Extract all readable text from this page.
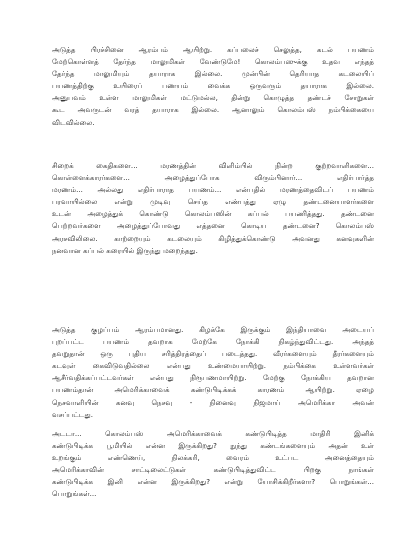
அடுத்த பிரச்சினை ஆரம்பம் ஆயிற்று. கப்பலைச் செலுத்த, கடல் பயணம்
மேற்கொள்ளத் தேர்ந்த மாலுமிகள் வேண்டுமே! கொலம்பஸுக்கு உதவ எந்தத்
தேர்ந்த மாலுமியும் தயாராக இல்லை. முன்பின் தெரியாத கடலையிப்
பயணத்திற்கு உயிரைப் பணயம் வைக்க ஒருவரும் தயாராக இல்லை.
அனுபவம் உள்ள மாலுமிகள் மட்டுமல்ல, தின்று கொழுத்த தண்டச் சோறுகள்
கூட அவருடன் வரத் தயாராக இல்லை. ஆனாலும் கொலம்பஸ் நம்பிக்கையை
விடவில்லை.
சிறைக் கைதிகளை... மரணத்தின் விளிம்பில் நின்ற குற்றவாளிகளை...
கொள்ளைக்காரர்களை... அழைத்துப்போக விரும்பினார்... எதிர்பார்த்த
மரணம்... அல்லது எதிர்பாராத பயணம்... என்பதில் மரணத்தைவிடப் பயணம்
பரவாயில்லை என்று முடிவு செய்த எண்பத்து ஏழு தண்டனையாளர்களை
உடன் அழைத்துக் கொண்டு கொலம்பஸின் கப்பல் பயணித்தது. தண்டனை
பெற்றவர்களை அழைத்துப்போவது எத்தனை கொடிய தண்டனை? கொலம்பஸ்
அரசவிலிலை. காற்றையும் கடலையும் கிழித்துக்கொண்டு அவனது கனவுகளின்
நனவான கப்பல் கரையில் இருந்து மறைந்தது.
அடுத்த குழப்பம் ஆரம்பமானது. கிழக்கே இருக்கும் இந்தியாவை அடையப்
புறப்பட்ட பயணம் தவறாக மேற்கே நோக்கி நிகழ்ந்துவிட்டது. அந்தத்
தவறுதான் ஒரு புதிய சரித்திரத்தைப் படைத்தது. வீரர்களையும் தீரர்களையும்
கடவுள் கைவிடுவதில்லை என்பது உண்மையாயிற்று. நம்பிக்கை உள்ளவர்கள்
ஆசீர்வதிக்கப்பட்டவர்கள் என்பது நிரூபணமாயிற்று. மேற்கு நோக்கிய தவறான
பயணம்தான் அமெரிக்காவைக் கண்டுபிடிக்கக் காரணம் ஆயிற்று. ஏழை
நெசவாளியின் கனவு நெசவு - நினைவு நிஜமாய் அமெரிக்கா அவன்
வசப்பட்டது.
அடடா... கொலம்பஸ் அமெரிக்காவைக் கண்டுபிடித்த மாதிரி இனிக்
கண்டுபிடிக்க பூமியில் என்ன இருக்கிறது? நுந்து கண்டங்களையும் அதன் உள்
உறங்கும் எண்ணெய், நிலக்கரி, வைரம் உட்பட அனைத்தையும்
அமெரிக்காவின் சாட்டிலைட்டுகள் கண்டுபிடித்துவிட்ட பிறகு நாங்கள்
கண்டுபிடிக்க இனி என்ன இருக்கிறது? என்று யோசிக்கிறீர்களா? பொறுங்கள்...
பொறுங்கள்...
